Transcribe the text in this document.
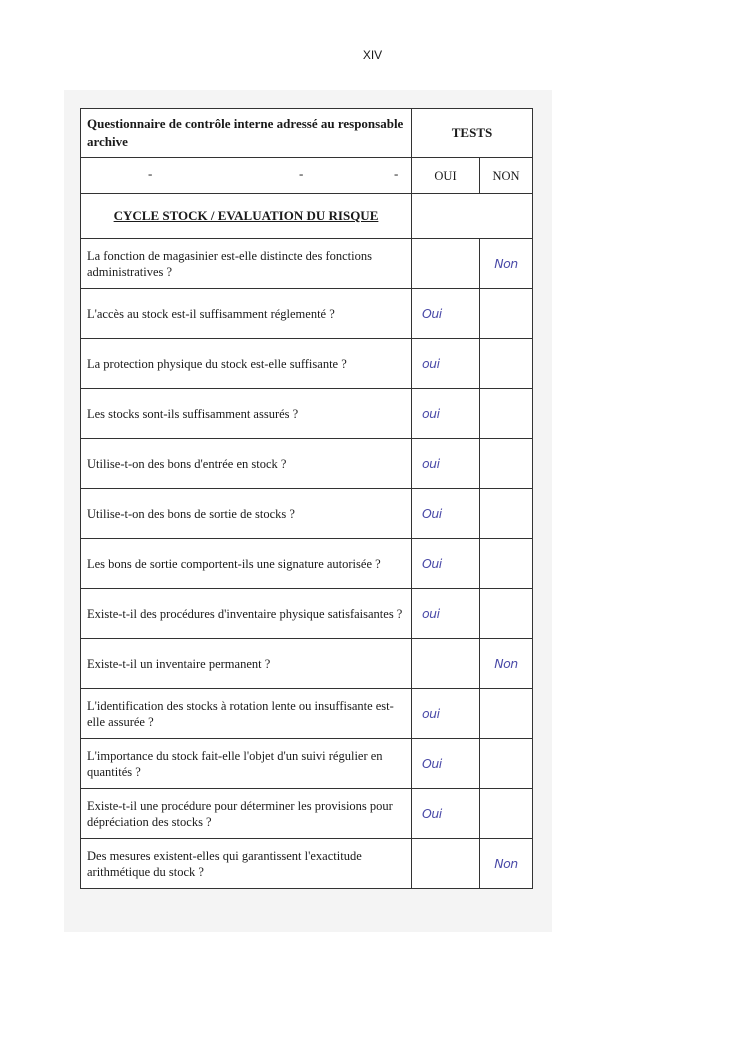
XIV
Questionnaire de contrôle interne adressé au responsable archive	TESTS	

- - -	OUI	NON
CYCLE STOCK / EVALUATION DU RISQUE		
La fonction de magasinier est-elle distincte des fonctions administratives ?		Non
L'accès au stock est-il suffisamment réglementé ?	Oui	
La protection physique du stock est-elle suffisante ?	oui	
Les stocks sont-ils suffisamment assurés ?	oui	
Utilise-t-on des bons d'entrée en stock ?	oui	
Utilise-t-on des bons de sortie de stocks ?	Oui	
Les bons de sortie comportent-ils une signature autorisée ?	Oui	
Existe-t-il des procédures d'inventaire physique satisfaisantes ?	oui	
Existe-t-il un inventaire permanent ?		Non
L'identification des stocks à rotation lente ou insuffisante est-elle assurée ?	oui	
L'importance du stock fait-elle l'objet d'un suivi régulier en quantités ?	Oui	
Existe-t-il une procédure pour déterminer les provisions pour dépréciation des stocks ?	Oui	
Des mesures existent-elles qui garantissent l'exactitude arithmétique du stock ?		Non
